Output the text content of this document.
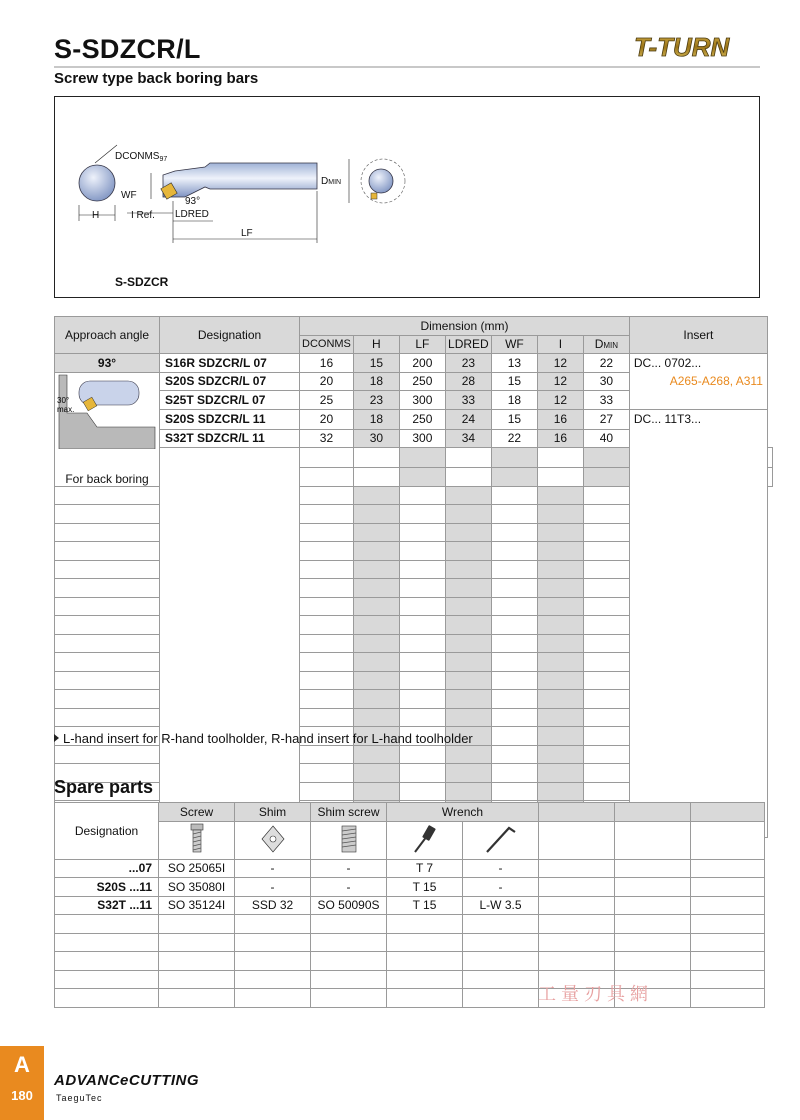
S-SDZCR/L	T-TURN
Screw type back boring bars
H
$DCONMS_{97}$
WF
93°
I Ref. LDRED
LF
DMIN
S-SDZCR
Approach angle	Designation	Dimension (mm)							Insert	
		DCONMS	H	LF	LDRED	WF	I	DMIN		
93°	S16R SDZCR/L 07	16	15	200	23	13	12	22	DC... 0702...
A265-A268, A311	

30°
max.
For back boring	S20S SDZCR/L 07	20	18	250	28	15	12	30		
	S25T SDZCR/L 07	25	23	300	33	18	12	33		
	S20S SDZCR/L 11	20	18	250	24	15	16	27	DC... 11T3...	

	S32T SDZCR/L 11	32	30	300	34	22	16	40		

L-hand insert for R-hand toolholder, R-hand insert for L-hand toolholder
Spare parts
Designation	Screw	Shim	Shim screw	Wrench				

...07	SO 25065I	-	-	T 7	-			
S20S ...11	SO 35080I	-	-	T 15	-			
S32T ...11	SO 35124I	SSD 32	SO 50090S	T 15	L-W 3.5			

工量刃具網
A
180
ADVANCeCUTTING
TaeguTec
